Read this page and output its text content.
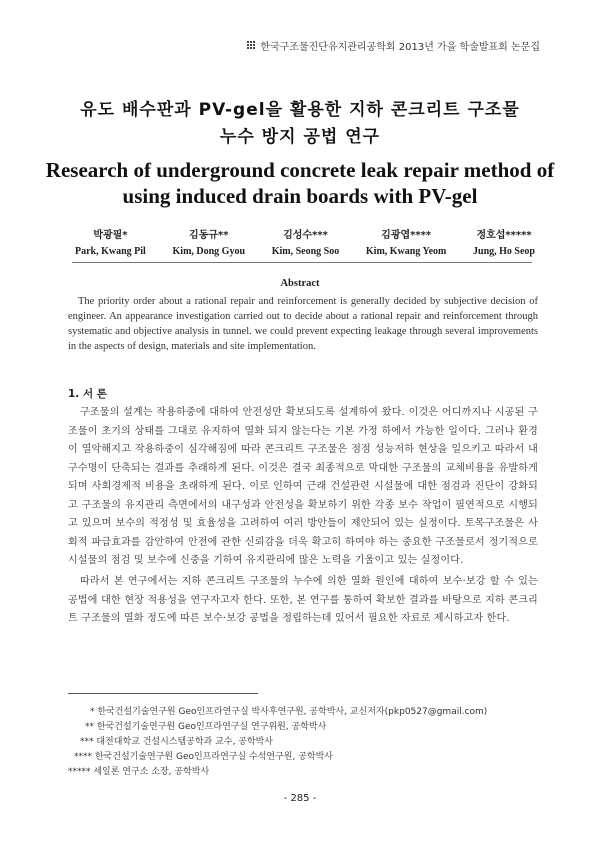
한국구조물진단유지관리공학회 2013년 가을 학술발표회 논문집
유도 배수판과 PV-gel을 활용한 지하 콘크리트 구조물
누수 방지 공법 연구
Research of underground concrete leak repair method of
using induced drain boards with PV-gel
박광필*
Park, Kwang Pil
김동규**
Kim, Dong Gyou
김성수***
Kim, Seong Soo
김광엽****
Kim, Kwang Yeom
정호섭*****
Jung, Ho Seop
Abstract
The priority order about a rational repair and reinforcement is generally decided by subjective decision of engineer. An appearance investigation carried out to decide about a rational repair and reinforcement through systematic and objective analysis in tunnel. we could prevent expecting leakage through several improvements in the aspects of design, materials and site implementation.
1. 서 론
구조물의 설계는 작용하중에 대하여 안전성만 확보되도록 설계하여 왔다. 이것은 어디까지나 시공된 구조물이 초기의 상태를 그대로 유지하여 열화 되지 않는다는 기본 가정 하에서 가능한 일이다. 그러나 환경이 열악해지고 작용하중이 심각해짐에 따라 콘크리트 구조물은 점점 성능저하 현상을 일으키고 따라서 내구수명이 단축되는 결과를 추래하게 된다. 이것은 결국 최종적으로 막대한 구조물의 교체비용을 유발하게 되며 사회경제적 비용을 초래하게 된다. 이로 인하여 근래 건설관련 시설물에 대한 점검과 진단이 강화되고 구조물의 유지관리 측면에서의 내구성과 안전성을 확보하기 위한 각종 보수 작업이 필연적으로 시행되고 있으며 보수의 적정성 및 효율성을 고려하여 여러 방안들이 제안되어 있는 실정이다. 토목구조물은 사회적 파급효과를 감안하여 안전에 관한 신뢰감을 더욱 확고히 하여야 하는 중요한 구조물로서 정기적으로 시설물의 점검 및 보수에 신중을 기하여 유지관리에 많은 노력을 기울이고 있는 실정이다.
따라서 본 연구에서는 지하 콘크리트 구조물의 누수에 의한 열화 원인에 대하여 보수·보강 할 수 있는 공법에 대한 현장 적용성을 연구자고자 한다. 또한, 본 연구를 통하여 확보한 결과를 바탕으로 지하 콘크리트 구조물의 열화 정도에 따른 보수·보강 공법을 정립하는데 있어서 필요한 자료로 제시하고자 한다.
* 한국건설기술연구원 Geo인프라연구실 박사후연구원, 공학박사, 교신저자(pkp0527@gmail.com)
** 한국건설기술연구원 Geo인프라연구실 연구위원, 공학박사
*** 대전대학교 건설시스템공학과 교수, 공학박사
**** 한국건설기술연구원 Geo인프라연구실 수석연구원, 공학박사
***** 세일론 연구소 소장, 공학박사
- 285 -
